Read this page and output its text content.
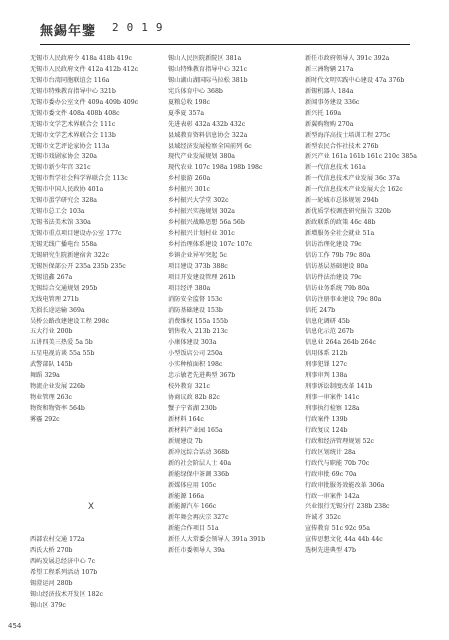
無錫年鑒 2019
无锡市人民政府令 418a 418b 419c
无锡市人民政府文件 412a 412b 412c
无锡市台湾同胞联谊会 116a
无锡市特殊教育指导中心 321b
无锡市委办公室文件 409a 409b 409c
无锡市委文件 408a 408b 408c
无锡市文学艺术界联合会 111c
无锡市文学艺术界联合会 113b
无锡市文艺评论家协会 113a
无锡市戏剧家协会 320a
无锡市新少年宫 321c
无锡市哲学社会科学界联合会 113c
无锡市中国人民政协 401a
无锡市蛋学研究会 328a
无锡市总工会 103a
无锡书法美术馆 330a
无锡市重点项目建设办公室 177c
无锡无线广播电台 558a
无锡研究生院新建宿舍 322c
无锡医保部公开 235a 235b 235c
无锡谊鑫 267a
无锡综合交通规划 295b
无线电管理 271b
无损长途运输 369a
吴桥公路改建建设工程 298c
五大行业 200b
五讲四美三热爱 5a 5b
五星电视访谈 55a 55b
武警部队 145b
舞蹈 329a
物流企业发展 226b
物业管理 263c
物资和物资率 564b
雾霾 292c
X
西部农村交通 172a
西氏大桥 270b
西屿发展总经济中心 7c
希望工程系列活动 107b
锡澄运河 280b
锡山经济技术开发区 182c
锡山区 379c
锡山人民医院新院区 381a
锡山特殊教育指导中心 321c
锡山湖山湖国际马拉松 381b
宪兵体育中心 368b
夏粮总收 198c
夏季夏 357a
先进表彰 432a 432b 432c
县域教育资料信息协会 322a
县域经济发展检察全国前列 6c
现代产业发展规划 380a
现代农业 107c 198a 198b 198c
乡村旅游 260a
乡村振兴 301c
乡村振兴大学堂 302c
乡村振兴实施规划 302a
乡村振兴战略思想 56a 56b
乡村振兴计划村业 301c
乡村治理体系建设 107c 107c
乡镇企业异军突起 5c
项目建设 373b 388c
项目开发建设管理 261b
项目经评 380a
消防安全监督 153c
消防基础建设 153b
消费维权 155a 155b
销售收入 213b 213c
小康体建设 303a
小型饭店公司 250a
小实种植面积 198c
忠示敏老先进典型 367b
校外教育 321c
协商议政 82b 82c
蟹子宁省湖 230b
新材料 164c
新材料产业园 165a
新规建设 7b
新冲远综合话动 368b
新的社会阶层人士 40a
新能绿保中茶调 336b
新媒体应用 105c
新能源 166a
新能源汽车 166c
新年舞会再庆宗 327c
新能合作项目 51a
新任人大常委会领导人 391a 391b
新任市委领导人 39a
新任市政府领导人 391c 392a
新三洲物辆 217a
新时代文明实践中心建设 47a 376b
新锡机器人 184a
新闻事务建设 336c
新兴托 169a
新翼购物购 270a
新型海洋高技士培训工程 275c
新型农民合作社技术 276b
新兴产业 161a 161b 161c 210c 385a
新一代信息技术 161a
新一代信息技术产业发展 36c 37a
新一代信息技术产业发展大会 162c
新一轮城市总体规划 294b
新优质学校调查研究报告 320b
新政联系的政策 46c 48b
新增服务全社会就业 51a
信访治理化建设 79c
信访工作 79b 79c 80a
信访基层基础建设 80a
信访件法治建设 79c
信访业务系统 79b 80a
信访注册事业建设 79c 80a
信托 247b
信息化调研 45b
信息化示范 267b
信息业 264a 264b 264c
信用体系 212b
刑事犯罪 127c
刑事审判 138a
刑事诉讼制度改革 141b
刑事一审案件 141c
刑事执行检察 128a
行政案件 139b
行政复议 124b
行政和经济管理规划 52c
行政区划统计 28a
行政代与职能 70b 70c
行政审批 69c 70a
行政审批服务效能改革 306a
行政一审案件 142a
兴业银行无锡分行 238b 238c
许诚才 352c
宣传教育 51c 92c 95a
宣传思想文化 44a 44b 44c
选树先进典型 47b
454
